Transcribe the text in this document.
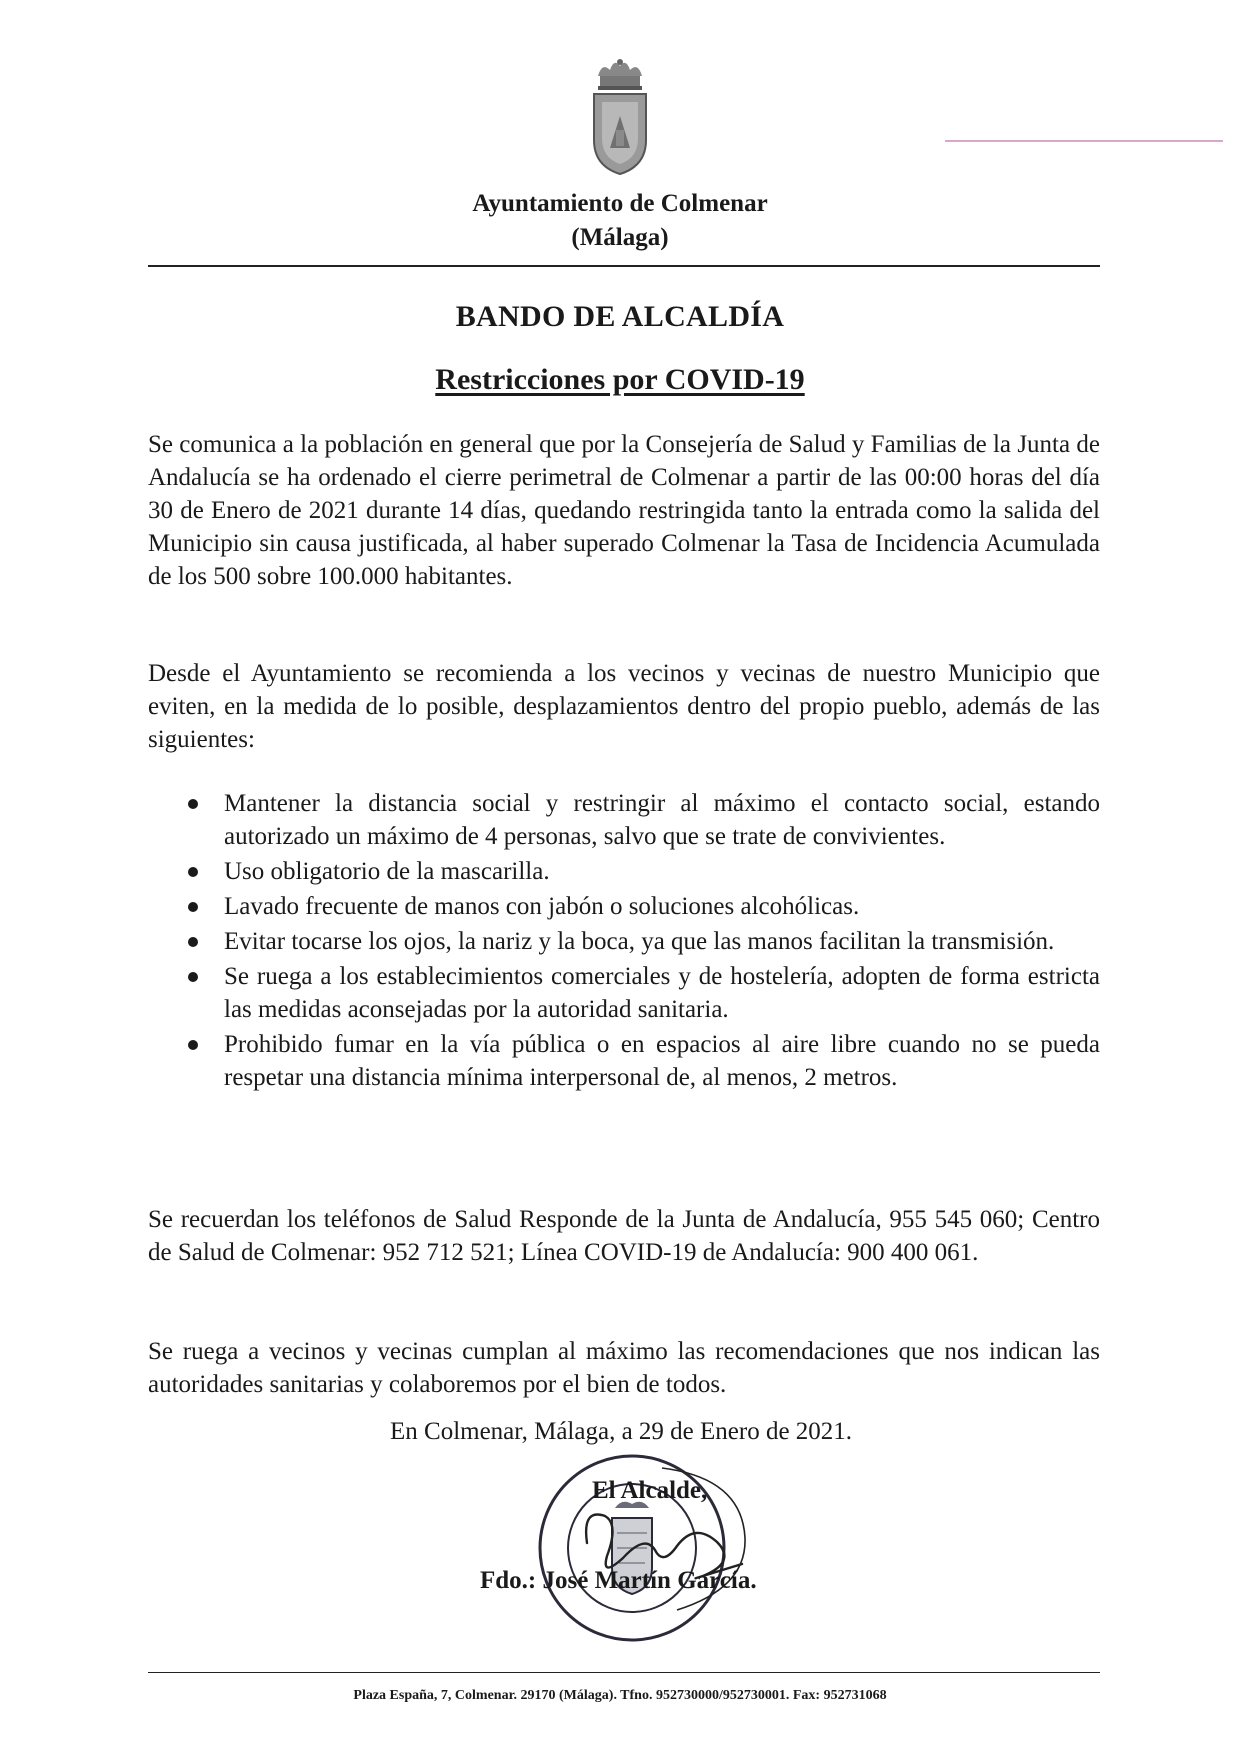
Ayuntamiento de Colmenar
(Málaga)
BANDO DE ALCALDÍA
Restricciones por COVID-19

Se comunica a la población en general que por la Consejería de Salud y Familias de la Junta de Andalucía se ha ordenado el cierre perimetral de Colmenar a partir de las 00:00 horas del día 30 de Enero de 2021 durante 14 días, quedando restringida tanto la entrada como la salida del Municipio sin causa justificada, al haber superado Colmenar la Tasa de Incidencia Acumulada de los 500 sobre 100.000 habitantes.

Desde el Ayuntamiento se recomienda a los vecinos y vecinas de nuestro Municipio que eviten, en la medida de lo posible, desplazamientos dentro del propio pueblo, además de las siguientes:

Mantener la distancia social y restringir al máximo el contacto social, estando autorizado un máximo de 4 personas, salvo que se trate de convivientes.
Uso obligatorio de la mascarilla.
Lavado frecuente de manos con jabón o soluciones alcohólicas.
Evitar tocarse los ojos, la nariz y la boca, ya que las manos facilitan la transmisión.
Se ruega a los establecimientos comerciales y de hostelería, adopten de forma estricta las medidas aconsejadas por la autoridad sanitaria.
Prohibido fumar en la vía pública o en espacios al aire libre cuando no se pueda respetar una distancia mínima interpersonal de, al menos, 2 metros.

Se recuerdan los teléfonos de Salud Responde de la Junta de Andalucía, 955 545 060; Centro de Salud de Colmenar: 952 712 521; Línea COVID-19 de Andalucía: 900 400 061.

Se ruega a vecinos y vecinas cumplan al máximo las recomendaciones que nos indican las autoridades sanitarias y colaboremos por el bien de todos.

En Colmenar, Málaga, a 29 de Enero de 2021.
El Alcalde,
Fdo.: José Martín García.
Plaza España, 7, Colmenar. 29170 (Málaga). Tfno. 952730000/952730001. Fax: 952731068
